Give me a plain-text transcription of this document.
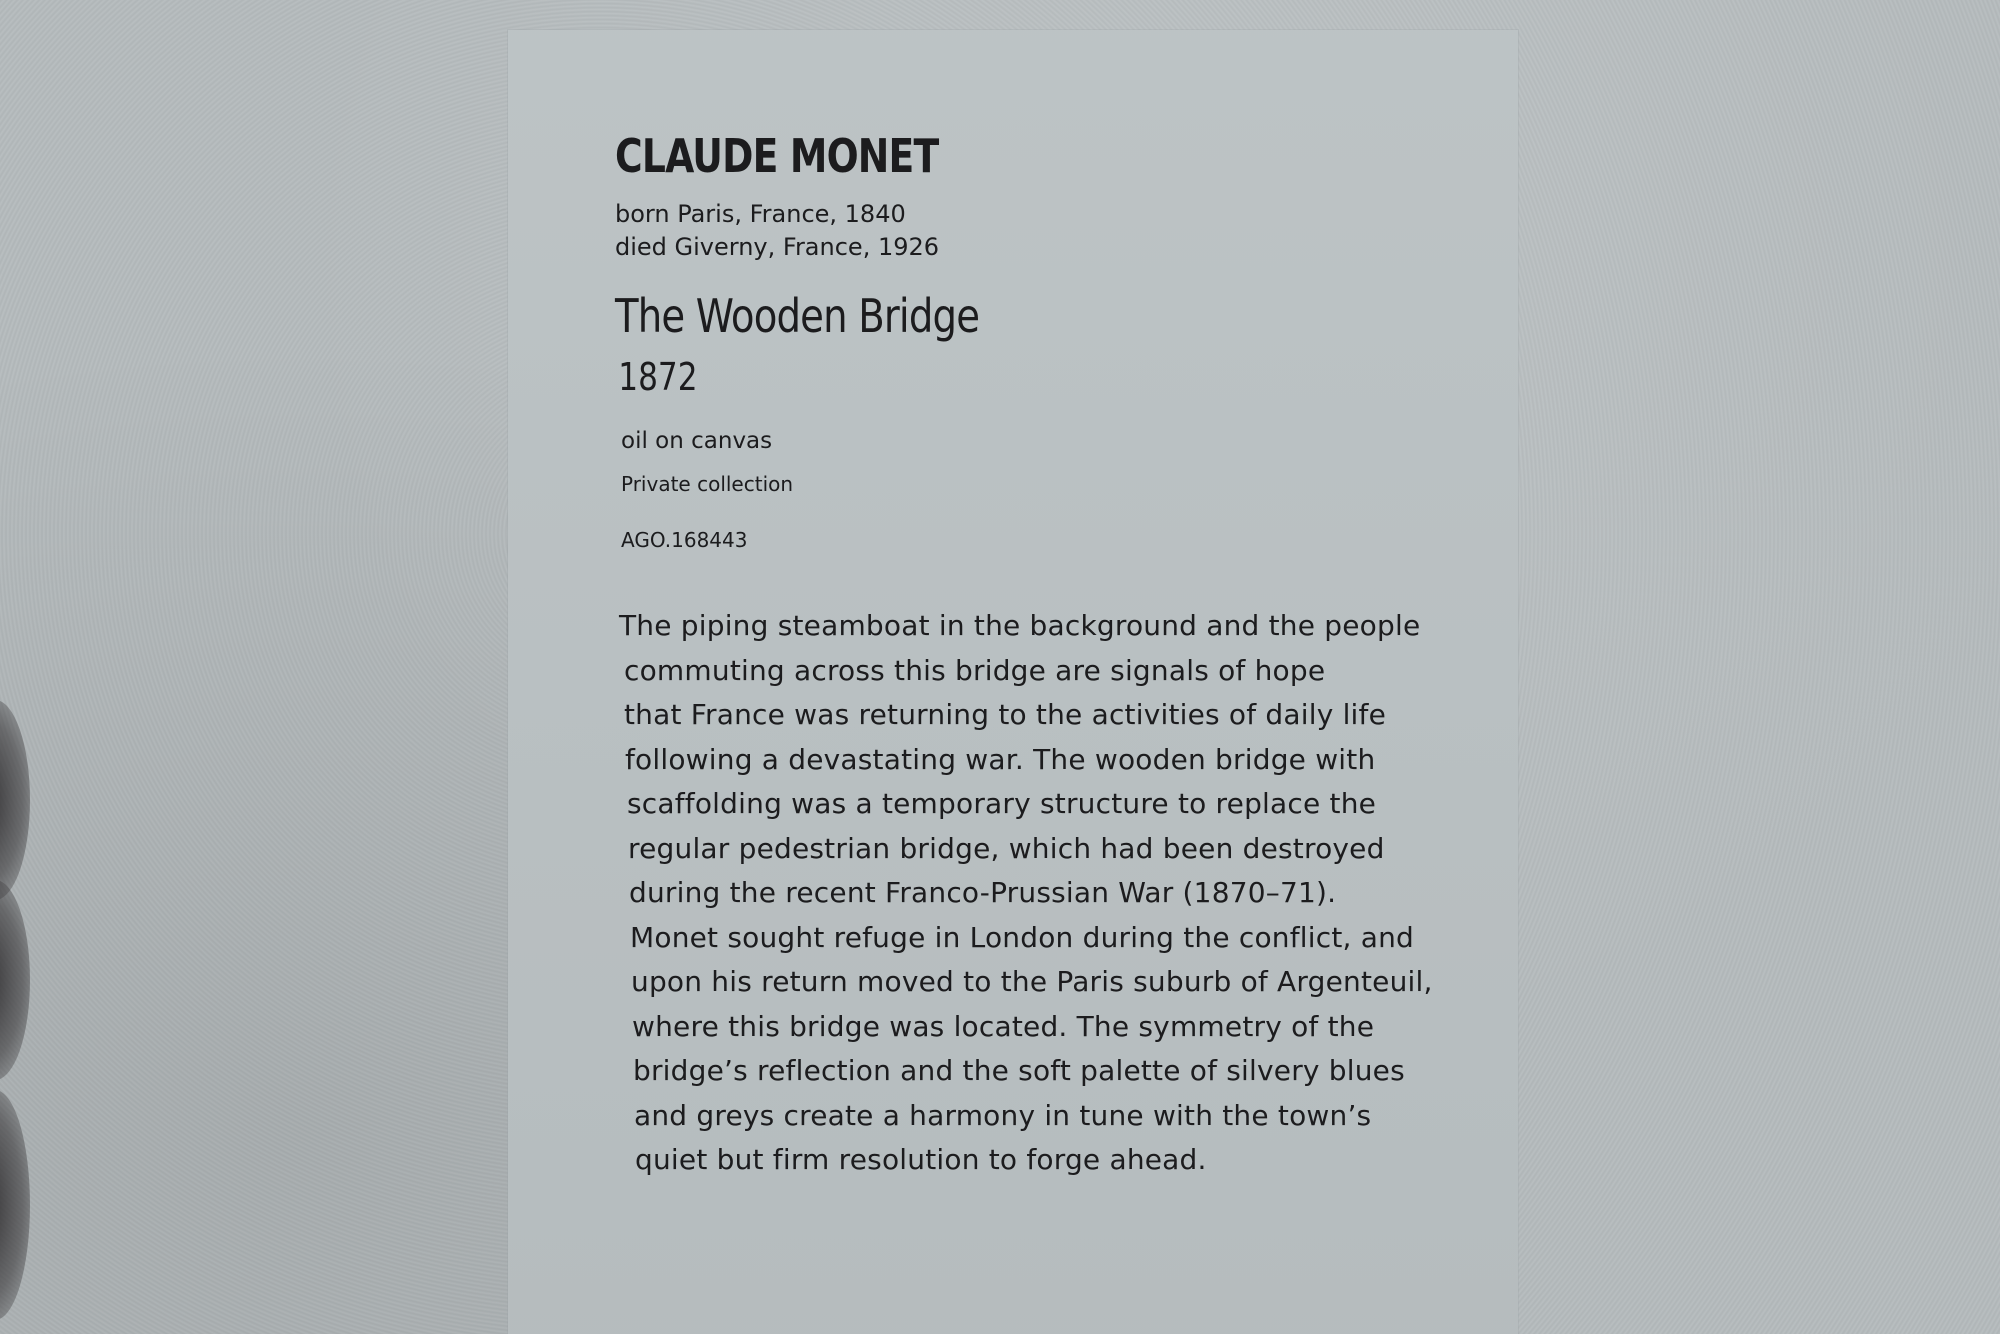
CLAUDE MONET
born Paris, France, 1840
died Giverny, France, 1926
The Wooden Bridge
1872
oil on canvas
Private collection
AGO.168443
The piping steamboat in the background and the people
commuting across this bridge are signals of hope
that France was returning to the activities of daily life
following a devastating war. The wooden bridge with
scaffolding was a temporary structure to replace the
regular pedestrian bridge, which had been destroyed
during the recent Franco-Prussian War (1870–71).
Monet sought refuge in London during the conflict, and
upon his return moved to the Paris suburb of Argenteuil,
where this bridge was located. The symmetry of the
bridge’s reflection and the soft palette of silvery blues
and greys create a harmony in tune with the town’s
quiet but firm resolution to forge ahead.
